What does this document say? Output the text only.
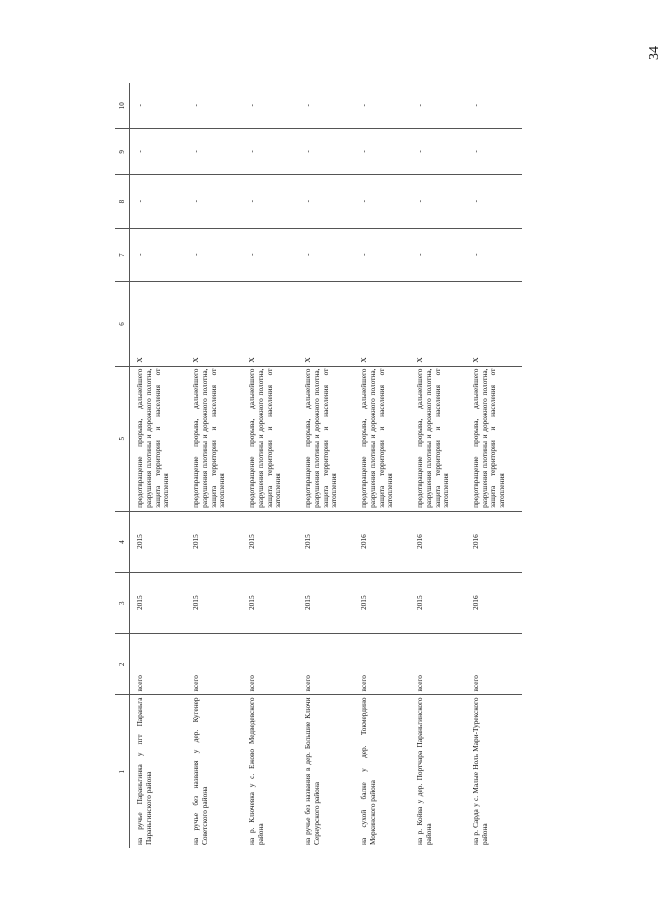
34
1	2	3	4	5	6	7	8	9	10
на ручье Параньгинка у пгт Параньга Параньгинского района	всего	2015	2015	предотвращение прорыва, дальнейшего разрушения плотины и дорожного полотна, защита территории и населения от затопления	Х	-	-	-	-
на ручье без названия у дер. Кугенер Советского района	всего	2015	2015	предотвращение прорыва, дальнейшего разрушения плотины и дорожного полотна, защита территории и населения от затопления	Х	-	-	-	-
на р. Ключевка у с. Ежово Медведевского района	всего	2015	2015	предотвращение прорыва, дальнейшего разрушения плотины и дорожного полотна, защита территории и населения от затопления	Х	-	-	-	-
на ручье без названия в дер. Большие Ключи Сернурского района	всего	2015	2015	предотвращение прорыва, дальнейшего разрушения плотины и дорожного полотна, защита территории и населения от затопления	Х	-	-	-	-
на сухой балке у дер. Токмердино Моркинского района	всего	2015	2016	предотвращение прорыва, дальнейшего разрушения плотины и дорожного полотна, защита территории и населения от затопления	Х	-	-	-	-
на р. Койва у дер. Портчара Параньгинского района	всего	2015	2016	предотвращение прорыва, дальнейшего разрушения плотины и дорожного полотна, защита территории и населения от затопления	Х	-	-	-	-
на р. Сарда у с. Малые Ноль Мари-Турекского района	всего	2016	2016	предотвращение прорыва, дальнейшего разрушения плотины и дорожного полотна, защита территории и населения от затопления	Х	-	-	-	-
